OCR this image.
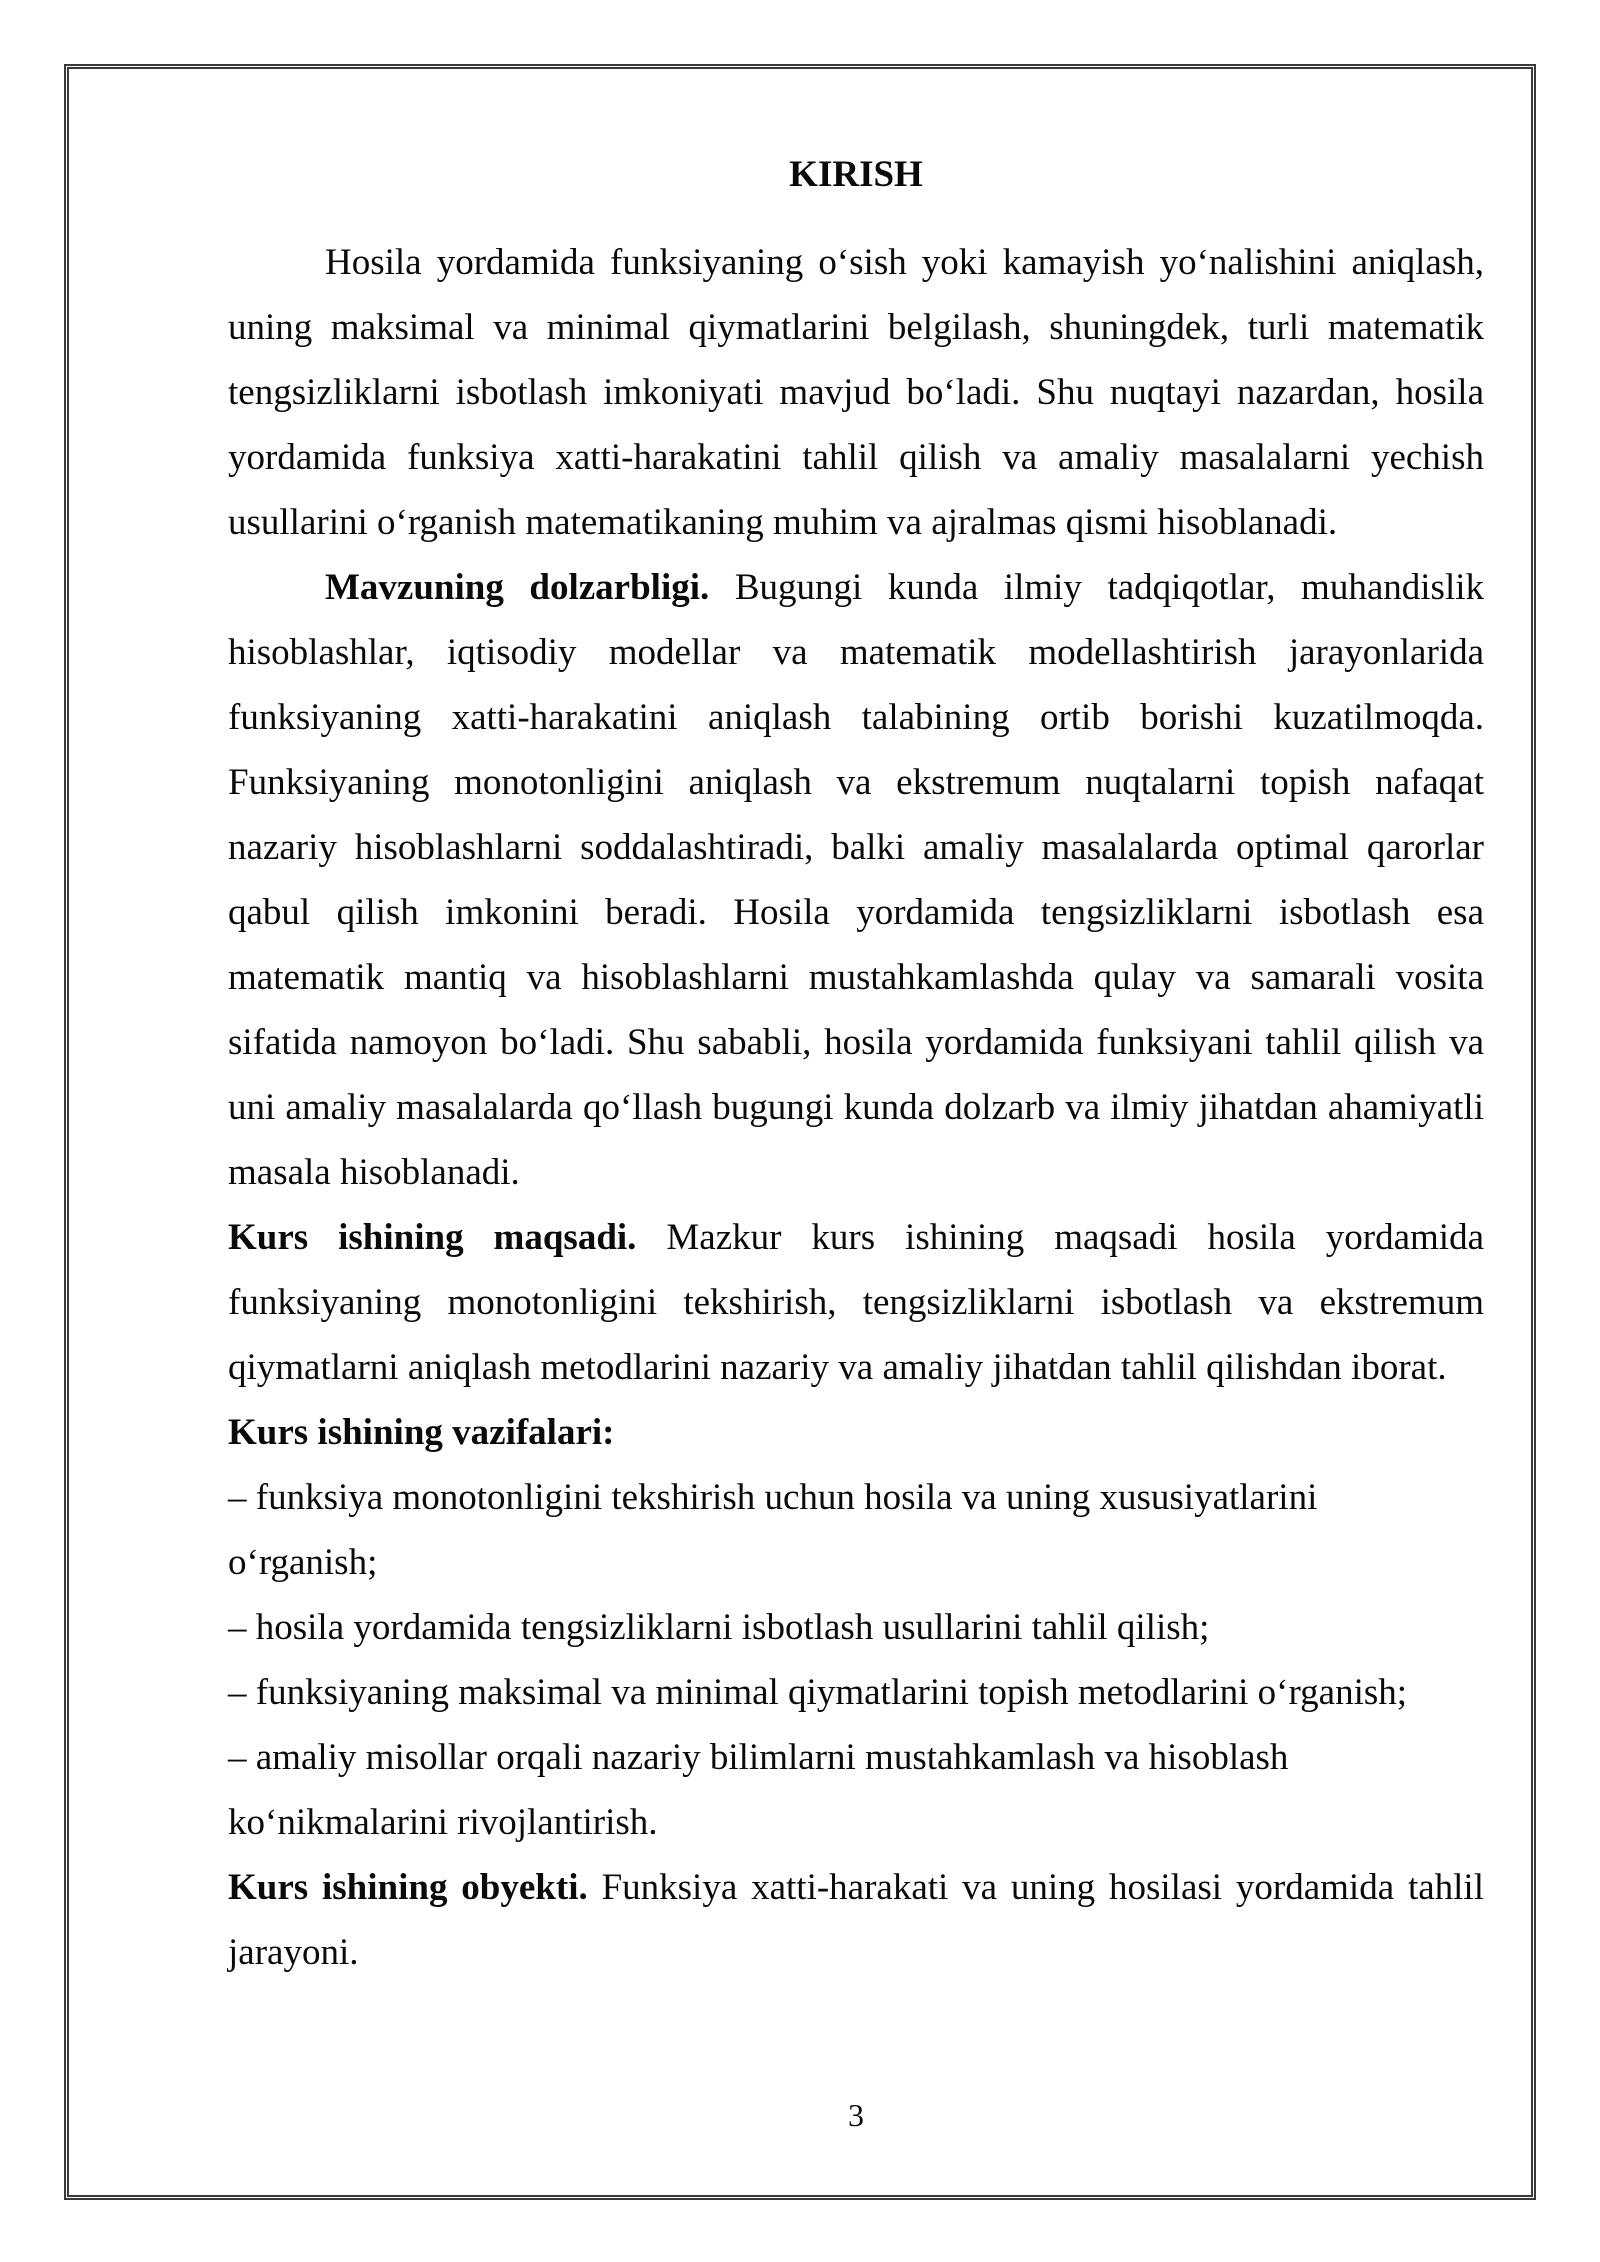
KIRISH
Hosila yordamida funksiyaning o‘sish yoki kamayish yo‘nalishini aniqlash,
uning maksimal va minimal qiymatlarini belgilash, shuningdek, turli matematik
tengsizliklarni isbotlash imkoniyati mavjud bo‘ladi. Shu nuqtayi nazardan, hosila
yordamida funksiya xatti-harakatini tahlil qilish va amaliy masalalarni yechish
usullarini o‘rganish matematikaning muhim va ajralmas qismi hisoblanadi.
Mavzuning dolzarbligi. Bugungi kunda ilmiy tadqiqotlar, muhandislik
hisoblashlar, iqtisodiy modellar va matematik modellashtirish jarayonlarida
funksiyaning xatti-harakatini aniqlash talabining ortib borishi kuzatilmoqda.
Funksiyaning monotonligini aniqlash va ekstremum nuqtalarni topish nafaqat
nazariy hisoblashlarni soddalashtiradi, balki amaliy masalalarda optimal qarorlar
qabul qilish imkonini beradi. Hosila yordamida tengsizliklarni isbotlash esa
matematik mantiq va hisoblashlarni mustahkamlashda qulay va samarali vosita
sifatida namoyon bo‘ladi. Shu sababli, hosila yordamida funksiyani tahlil qilish va
uni amaliy masalalarda qo‘llash bugungi kunda dolzarb va ilmiy jihatdan ahamiyatli
masala hisoblanadi.
Kurs ishining maqsadi. Mazkur kurs ishining maqsadi hosila yordamida
funksiyaning monotonligini tekshirish, tengsizliklarni isbotlash va ekstremum
qiymatlarni aniqlash metodlarini nazariy va amaliy jihatdan tahlil qilishdan iborat.
Kurs ishining vazifalari:
– funksiya monotonligini tekshirish uchun hosila va uning xususiyatlarini
o‘rganish;
– hosila yordamida tengsizliklarni isbotlash usullarini tahlil qilish;
– funksiyaning maksimal va minimal qiymatlarini topish metodlarini o‘rganish;
– amaliy misollar orqali nazariy bilimlarni mustahkamlash va hisoblash
ko‘nikmalarini rivojlantirish.
Kurs ishining obyekti. Funksiya xatti-harakati va uning hosilasi yordamida tahlil
jarayoni.
3
